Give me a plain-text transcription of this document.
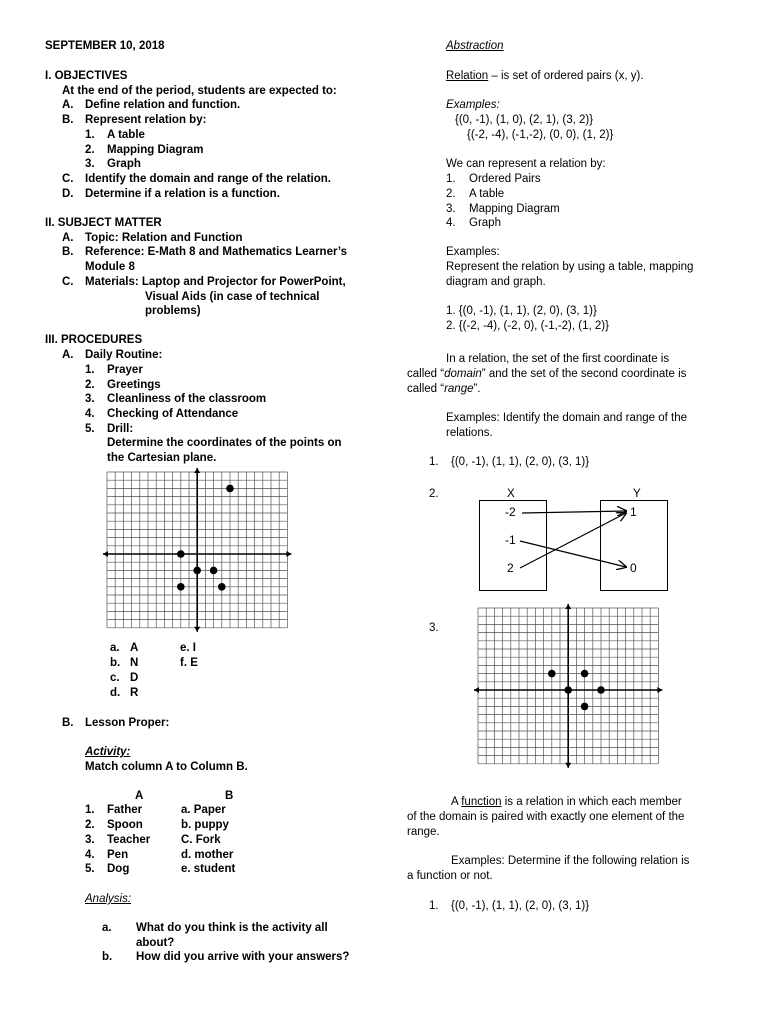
SEPTEMBER 10, 2018
I. OBJECTIVES
At the end of the period, students are expected to:
A. Define relation and function.
B. Represent relation by:
1. A table
2. Mapping Diagram
3. Graph
C. Identify the domain and range of the relation.
D. Determine if a relation is a function.
II. SUBJECT MATTER
A. Topic: Relation and Function
B. Reference: E-Math 8 and Mathematics Learner’s
Module 8
C. Materials: Laptop and Projector for PowerPoint,
Visual Aids (in case of technical
problems)
III. PROCEDURES
A. Daily Routine:
1. Prayer
2. Greetings
3. Cleanliness of the classroom
4. Checking of Attendance
5. Drill:
Determine the coordinates of the points on
the Cartesian plane.
a. A
b. N
c. D
d. R
e. I
f. E
B. Lesson Proper:
Activity:
Match column A to Column B.
A	B
1. Father	a. Paper
2. Spoon	b. puppy
3. Teacher	C. Fork
4. Pen	d. mother
5. Dog	e. student
Analysis:
a. What do you think is the activity all
about?
b. How did you arrive with your answers?
Abstraction
Relation – is set of ordered pairs (x, y).
Examples:
{(0, -1), (1, 0), (2, 1), (3, 2)}
{(-2, -4), (-1,-2), (0, 0), (1, 2)}
We can represent a relation by:
1. Ordered Pairs
2. A table
3. Mapping Diagram
4. Graph
Examples:
Represent the relation by using a table, mapping
diagram and graph.
1. {(0, -1), (1, 1), (2, 0), (3, 1)}
2. {(-2, -4), (-2, 0), (-1,-2), (1, 2)}
In a relation, the set of the first coordinate is
called “domain” and the set of the second coordinate is
called “range”.
Examples: Identify the domain and range of the
relations.
1. {(0, -1), (1, 1), (2, 0), (3, 1)}
2.	X	Y
-2
-1
2
1
0
3.
A function is a relation in which each member
of the domain is paired with exactly one element of the
range.
Examples: Determine if the following relation is
a function or not.
1. {(0, -1), (1, 1), (2, 0), (3, 1)}
